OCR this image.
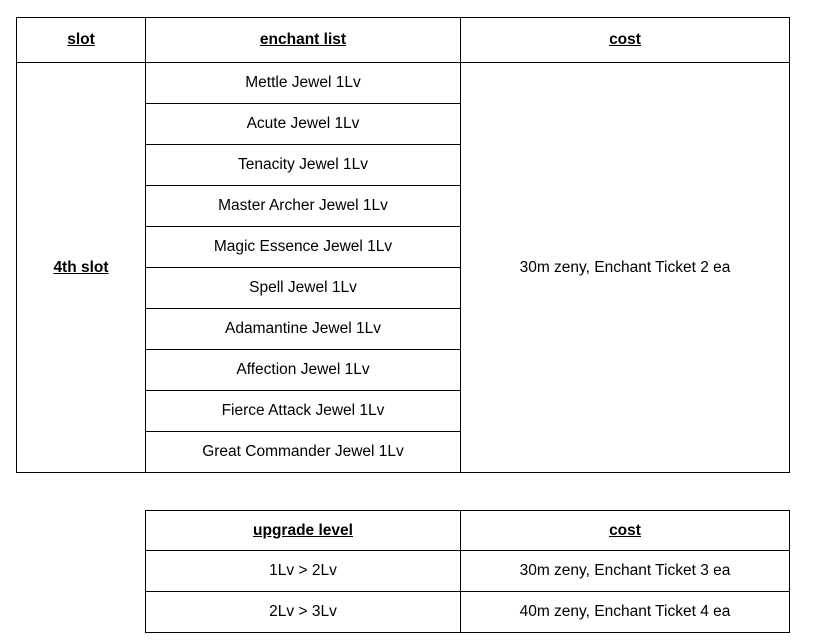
slot	enchant list	cost
4th slot	Mettle Jewel 1Lv	30m zeny, Enchant Ticket 2 ea
	Acute Jewel 1Lv	
	Tenacity Jewel 1Lv	
	Master Archer Jewel 1Lv	
	Magic Essence Jewel 1Lv	
	Spell Jewel 1Lv	
	Adamantine Jewel 1Lv	
	Affection Jewel 1Lv	
	Fierce Attack Jewel 1Lv	
	Great Commander Jewel 1Lv	
upgrade level	cost
1Lv > 2Lv	30m zeny, Enchant Ticket 3 ea
2Lv > 3Lv	40m zeny, Enchant Ticket 4 ea
